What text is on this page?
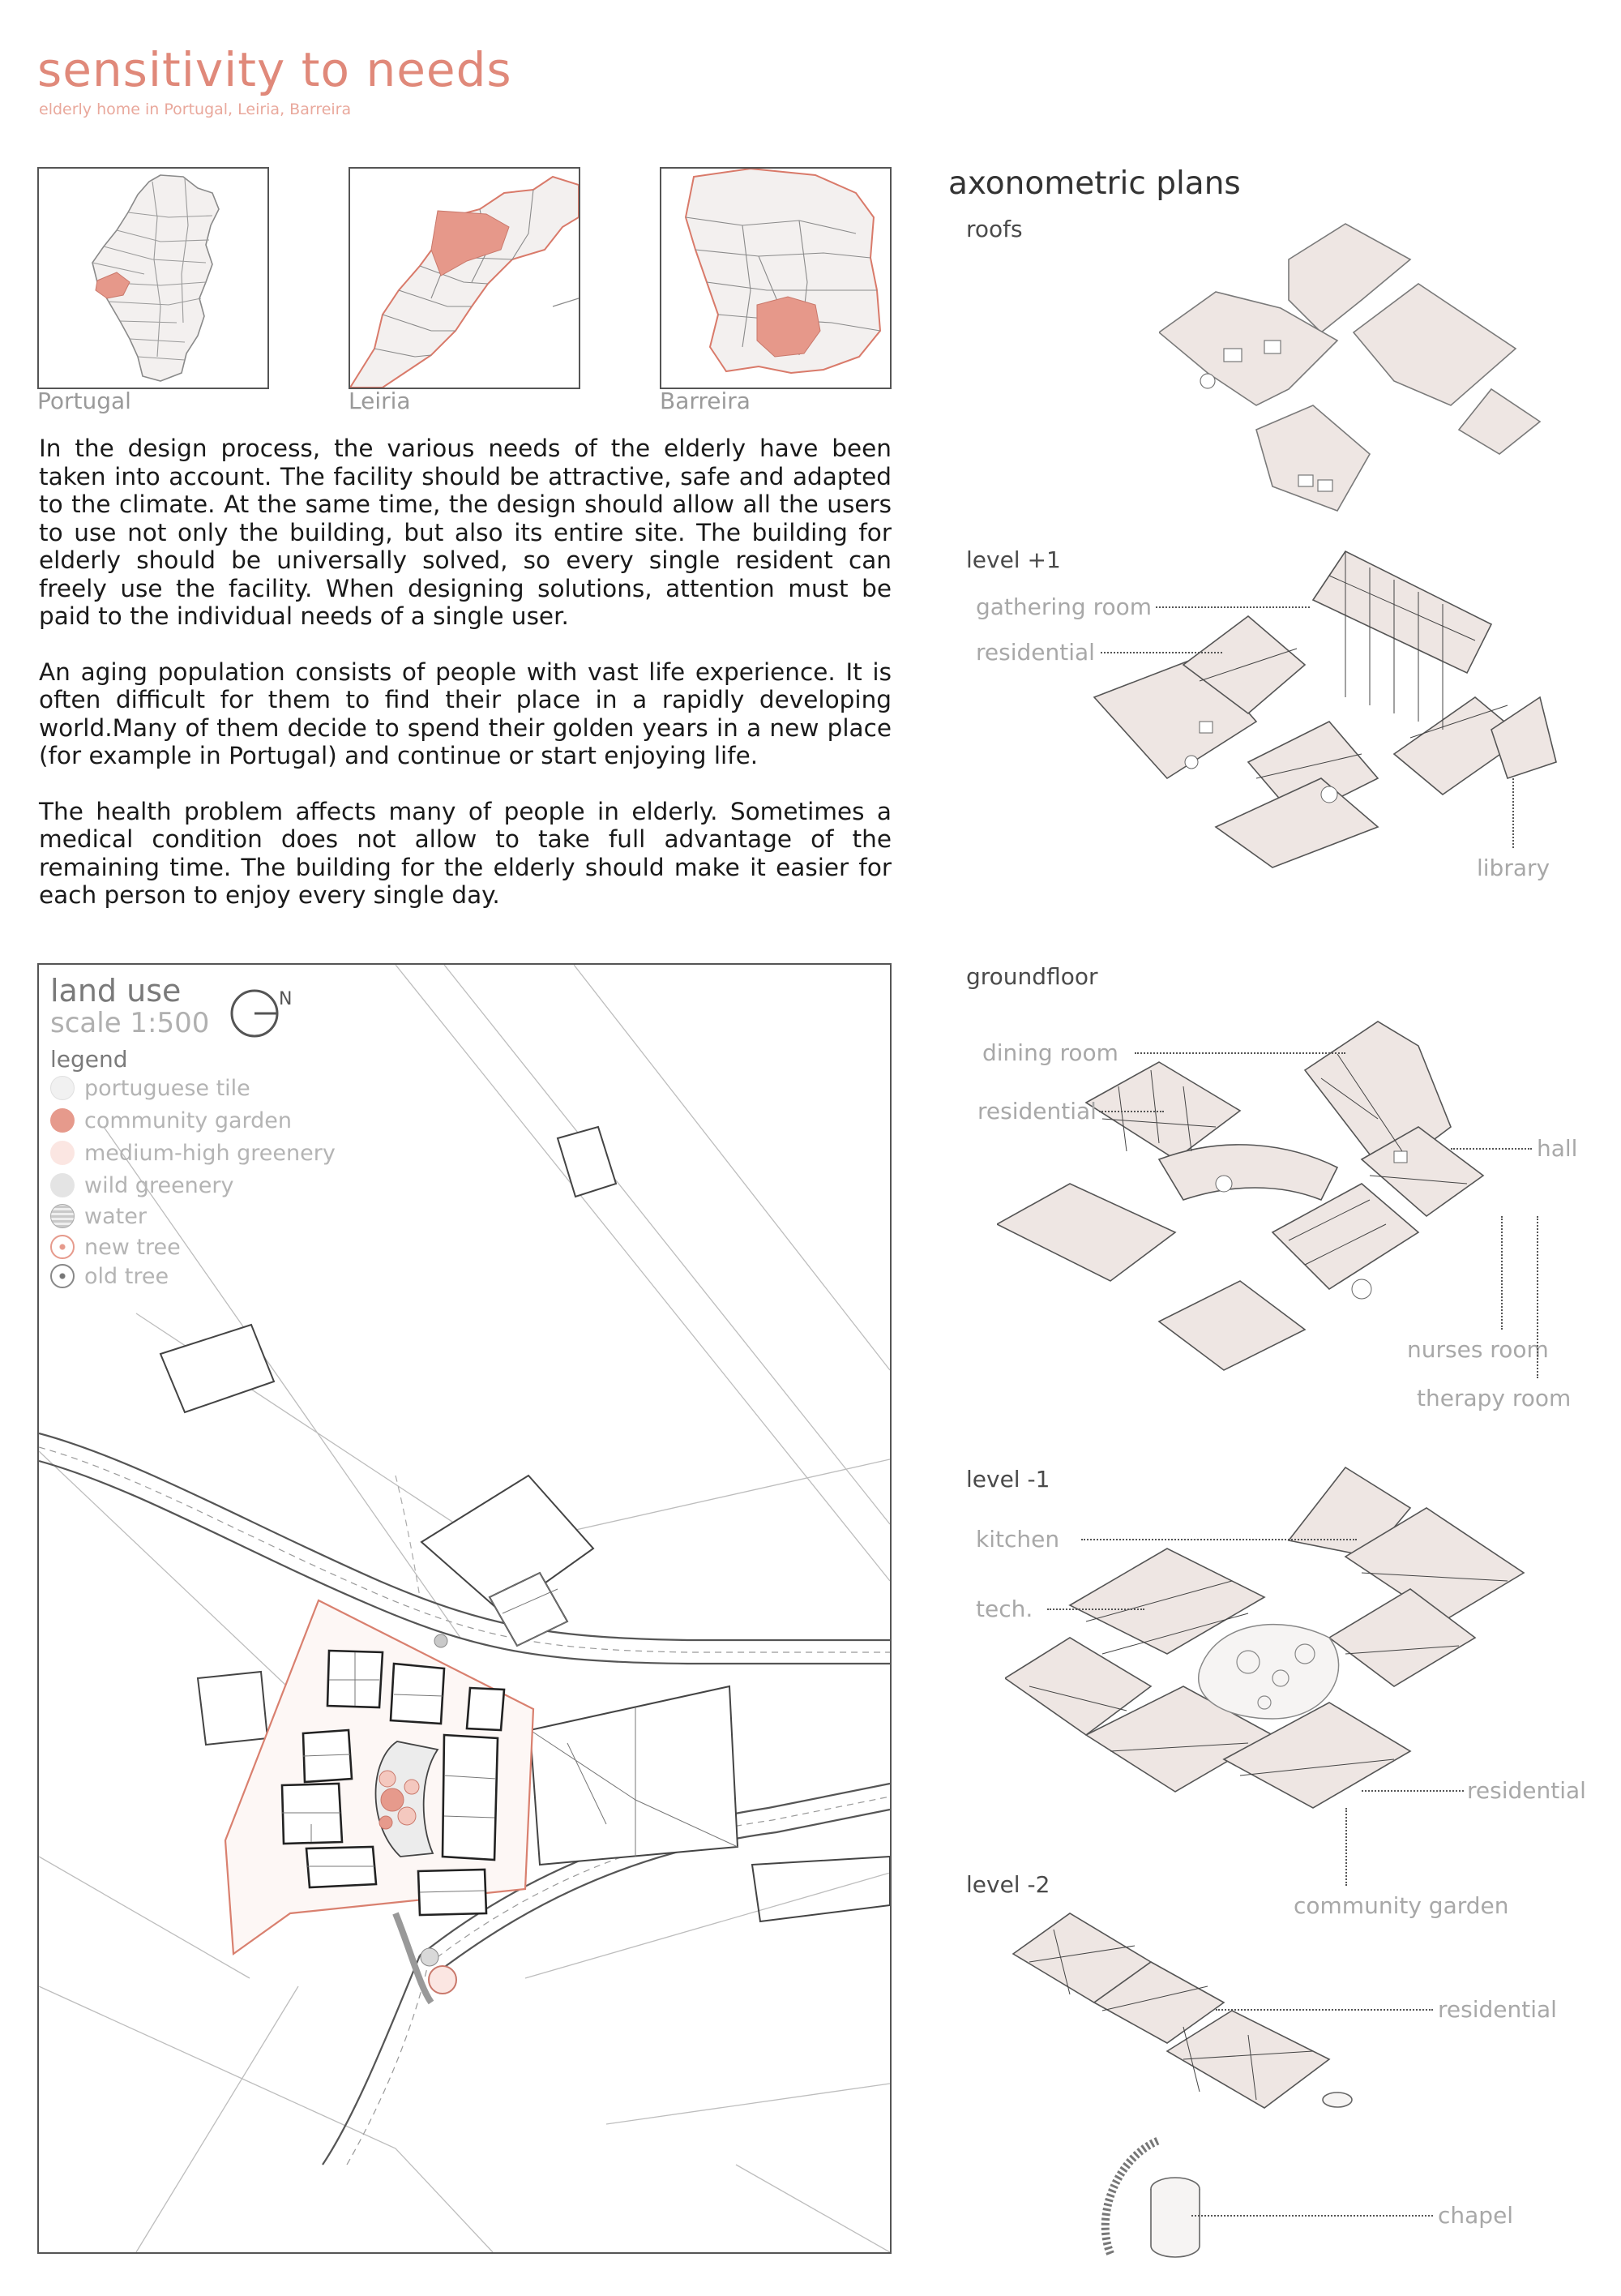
sensitivity to needs
elderly home in Portugal, Leiria, Barreira
Portugal	Leiria	Barreira

In the design process, the various needs of the elderly have been taken into account. The facility should be attractive, safe and adapted to the climate. At the same time, the design should allow all the users to use not only the building, but also its entire site. The building for elderly should be universally solved, so every single resident can freely use the facility. When designing solutions, attention must be paid to the individual needs of a single user.

An aging population consists of people with vast life experience. It is often difficult for them to find their place in a rapidly developing world.Many of them decide to spend their golden years in a new place (for example in Portugal) and continue or start enjoying life.

The health problem affects many of people in elderly. Sometimes a medical condition does not allow to take full advantage of the remaining time. The building for the elderly should make it easier for each person to enjoy every single day.

land use
scale 1:500
N
legend
portuguese tile
community garden
medium-high greenery
wild greenery
water
new tree
old tree
axonometric plans
roofs
level +1
gathering room
residential
library
groundfloor
dining room
residential
hall
nurses room
therapy room
level -1
kitchen
tech.
residential
community garden
level -2
residential
chapel
